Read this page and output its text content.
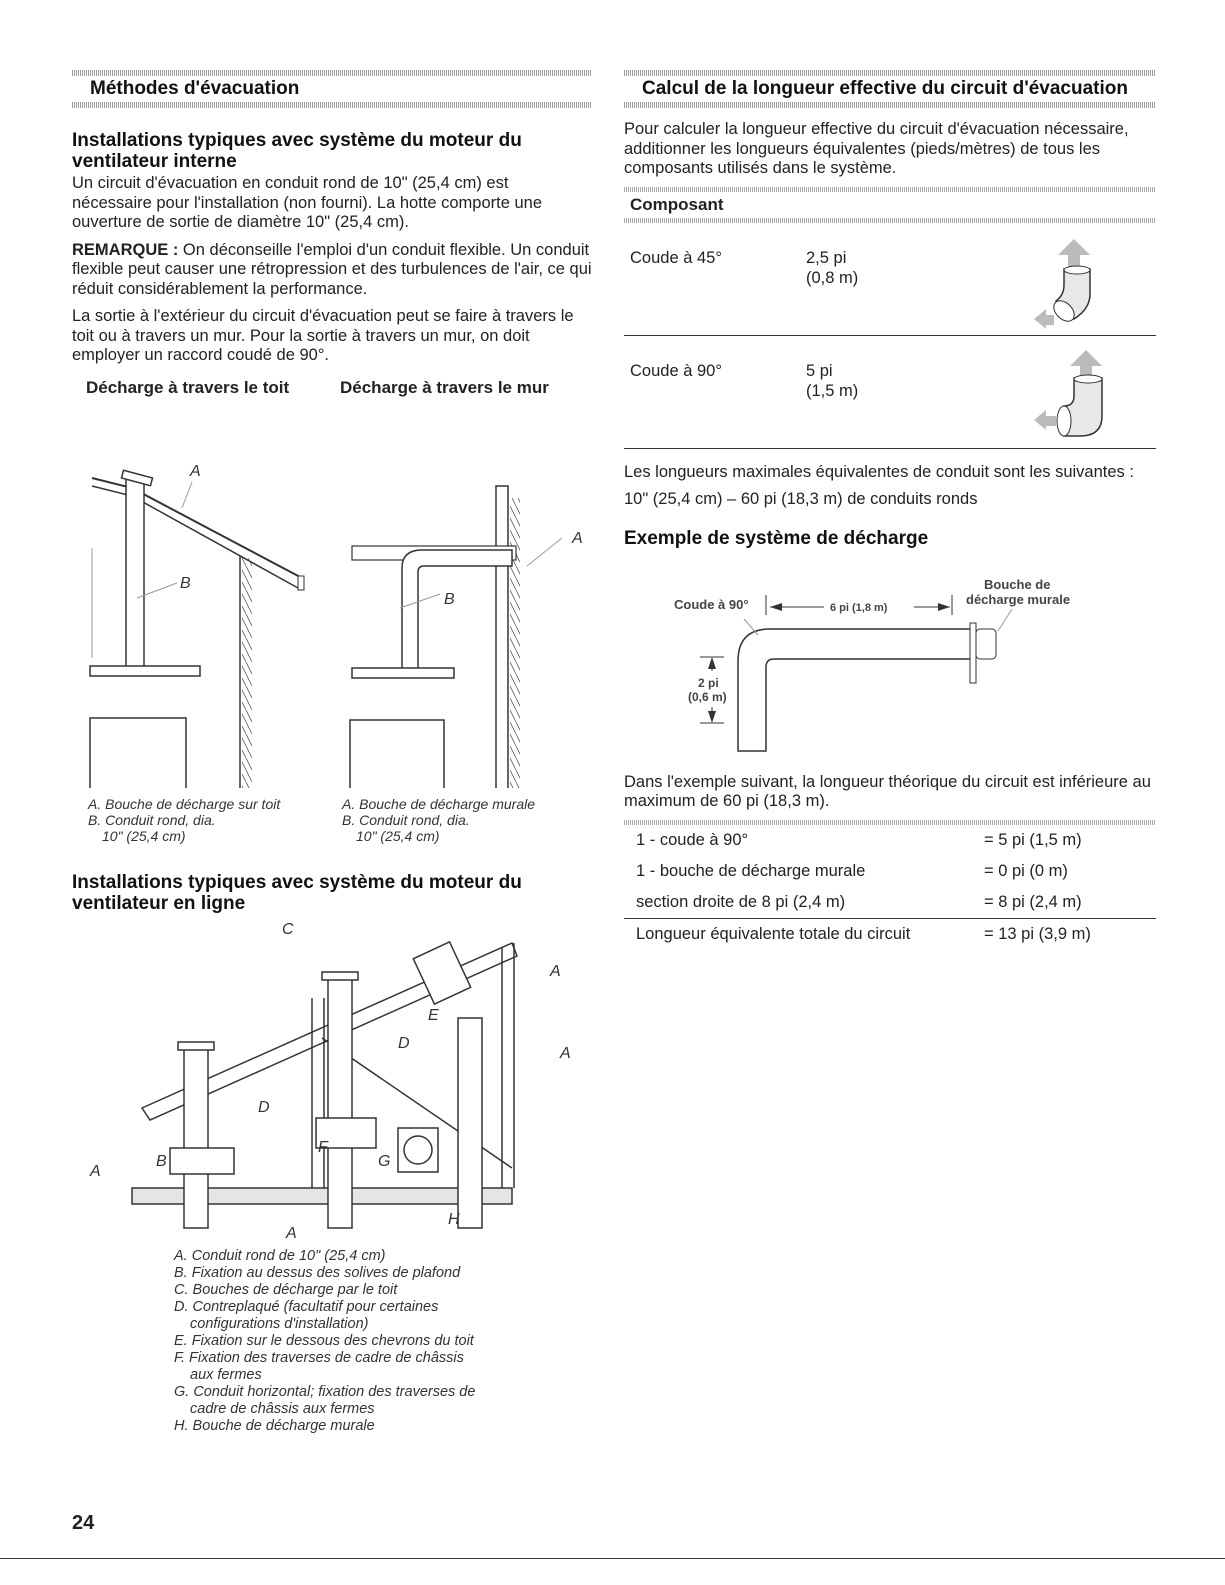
Méthodes d'évacuation
Installations typiques avec système du moteur du ventilateur interne

Un circuit d'évacuation en conduit rond de 10" (25,4 cm) est nécessaire pour l'installation (non fourni). La hotte comporte une ouverture de sortie de diamètre 10" (25,4 cm).

REMARQUE : On déconseille l'emploi d'un conduit flexible. Un conduit flexible peut causer une rétropression et des turbulences de l'air, ce qui réduit considérablement la performance.

La sortie à l'extérieur du circuit d'évacuation peut se faire à travers le toit ou à travers un mur. Pour la sortie à travers un mur, on doit employer un raccord coudé de 90°.

Décharge à travers le toit	Décharge à travers le mur
A
B
A
B
A. Bouche de décharge sur toit
B. Conduit rond, dia.
10" (25,4 cm)
A. Bouche de décharge murale
B. Conduit rond, dia.
10" (25,4 cm)
Installations typiques avec système du moteur du ventilateur en ligne
C
A
E
D
A
D
F
G
B
A
A
H
A. Conduit rond de 10" (25,4 cm)
B. Fixation au dessus des solives de plafond
C. Bouches de décharge par le toit
D. Contreplaqué (facultatif pour certaines
configurations d'installation)
E. Fixation sur le dessous des chevrons du toit
F. Fixation des traverses de cadre de châssis
aux fermes
G. Conduit horizontal; fixation des traverses de
cadre de châssis aux fermes
H. Bouche de décharge murale
Calcul de la longueur effective du circuit d'évacuation

Pour calculer la longueur effective du circuit d'évacuation nécessaire, additionner les longueurs équivalentes (pieds/mètres) de tous les composants utilisés dans le système.

Composant
Coude à 45°	2,5 pi
(0,8 m)
Coude à 90°	5 pi
(1,5 m)

Les longueurs maximales équivalentes de conduit sont les suivantes :

10" (25,4 cm) – 60 pi (18,3 m) de conduits ronds

Exemple de système de décharge
Coude à 90°	6 pi (1,8 m)
Bouche de
décharge murale
2 pi
(0,6 m)

Dans l'exemple suivant, la longueur théorique du circuit est inférieure au maximum de 60 pi (18,3 m).

1 - coude à 90°	= 5 pi (1,5 m)
1 - bouche de décharge murale	= 0 pi (0 m)
section droite de 8 pi (2,4 m)	= 8 pi (2,4 m)
Longueur équivalente totale du circuit	= 13 pi (3,9 m)
24
